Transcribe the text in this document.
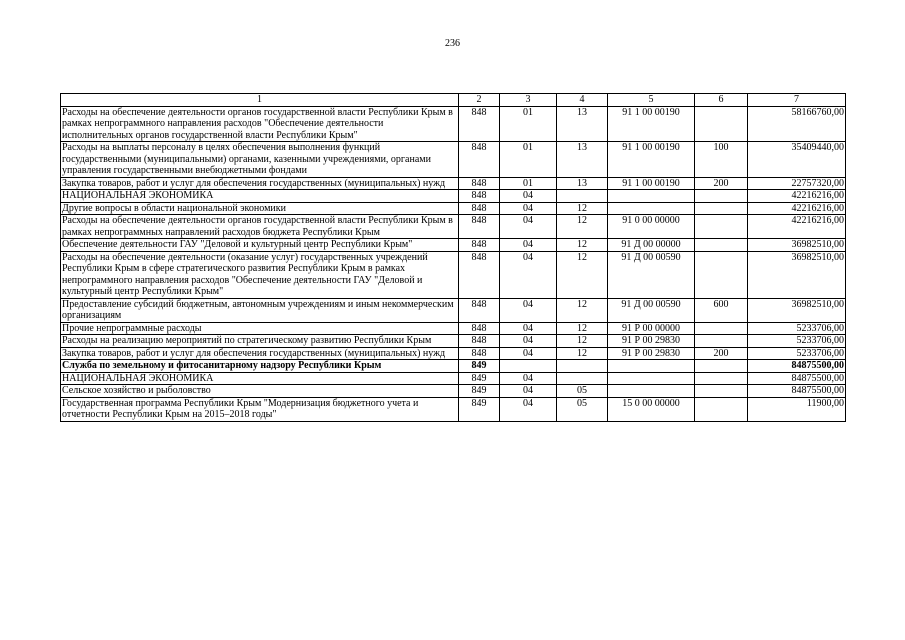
236
1	2	3	4	5	6	7
Расходы на обеспечение деятельности органов государственной власти Республики Крым в рамках непрограммного направления расходов "Обеспечение деятельности исполнительных органов государственной власти Республики Крым"	848	01	13	91 1 00 00190		58166760,00
Расходы на выплаты персоналу в целях обеспечения выполнения функций государственными (муниципальными) органами, казенными учреждениями, органами управления государственными внебюджетными фондами	848	01	13	91 1 00 00190	100	35409440,00
Закупка товаров, работ и услуг для обеспечения государственных (муниципальных) нужд	848	01	13	91 1 00 00190	200	22757320,00
НАЦИОНАЛЬНАЯ ЭКОНОМИКА	848	04				42216216,00
Другие вопросы в области национальной экономики	848	04	12			42216216,00
Расходы на обеспечение деятельности органов государственной власти Республики Крым в рамках непрограммных направлений расходов бюджета Республики Крым	848	04	12	91 0 00 00000		42216216,00
Обеспечение деятельности ГАУ "Деловой и культурный центр Республики Крым"	848	04	12	91 Д 00 00000		36982510,00
Расходы на обеспечение деятельности (оказание услуг) государственных учреждений Республики Крым в сфере стратегического развития Республики Крым в рамках непрограммного направления расходов "Обеспечение деятельности ГАУ "Деловой и культурный центр Республики Крым"	848	04	12	91 Д 00 00590		36982510,00
Предоставление субсидий бюджетным, автономным учреждениям и иным некоммерческим организациям	848	04	12	91 Д 00 00590	600	36982510,00
Прочие непрограммные расходы	848	04	12	91 Р 00 00000		5233706,00
Расходы на реализацию мероприятий по стратегическому развитию Республики Крым	848	04	12	91 Р 00 29830		5233706,00
Закупка товаров, работ и услуг для обеспечения государственных (муниципальных) нужд	848	04	12	91 Р 00 29830	200	5233706,00
Служба по земельному и фитосанитарному надзору Республики Крым	849					84875500,00
НАЦИОНАЛЬНАЯ ЭКОНОМИКА	849	04				84875500,00
Сельское хозяйство и рыболовство	849	04	05			84875500,00
Государственная программа Республики Крым "Модернизация бюджетного учета и отчетности Республики Крым на 2015–2018 годы"	849	04	05	15 0 00 00000		11900,00
